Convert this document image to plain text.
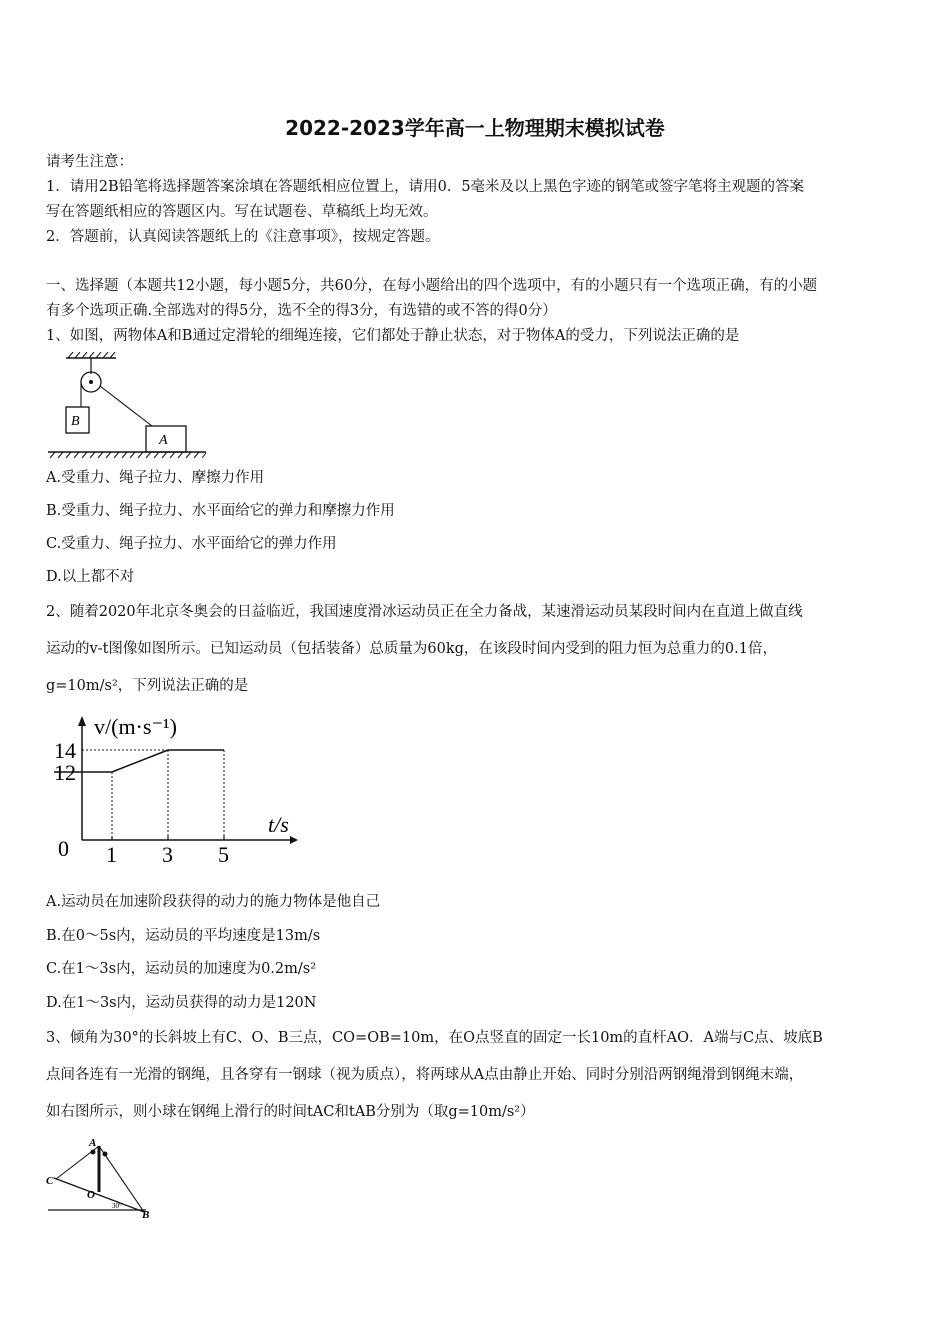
2022-2023学年高一上物理期末模拟试卷
请考生注意：
1．请用2B铅笔将选择题答案涂填在答题纸相应位置上，请用0．5毫米及以上黑色字迹的钢笔或签字笔将主观题的答案
写在答题纸相应的答题区内。写在试题卷、草稿纸上均无效。
2．答题前，认真阅读答题纸上的《注意事项》，按规定答题。
一、选择题（本题共12小题，每小题5分，共60分，在每小题给出的四个选项中，有的小题只有一个选项正确，有的小题
有多个选项正确.全部选对的得5分，选不全的得3分，有选错的或不答的得0分）
1、如图，两物体A和B通过定滑轮的细绳连接，它们都处于静止状态，对于物体A的受力，下列说法正确的是
B
A
A.受重力、绳子拉力、摩擦力作用
B.受重力、绳子拉力、水平面给它的弹力和摩擦力作用
C.受重力、绳子拉力、水平面给它的弹力作用
D.以上都不对
2、随着2020年北京冬奥会的日益临近，我国速度滑冰运动员正在全力备战，某速滑运动员某段时间内在直道上做直线
运动的v-t图像如图所示。已知运动员（包括装备）总质量为60kg，在该段时间内受到的阻力恒为总重力的0.1倍，
g=10m/s²，下列说法正确的是
v/(m·s⁻¹)
t/s
0 1 3 5
12
14
A.运动员在加速阶段获得的动力的施力物体是他自己
B.在0～5s内，运动员的平均速度是13m/s
C.在1～3s内，运动员的加速度为0.2m/s²
D.在1～3s内，运动员获得的动力是120N
3、倾角为30°的长斜坡上有C、O、B三点，CO=OB=10m，在O点竖直的固定一长10m的直杆AO．A端与C点、坡底B
点间各连有一光滑的钢绳，且各穿有一钢球（视为质点），将两球从A点由静止开始、同时分别沿两钢绳滑到钢绳末端，
如右图所示，则小球在钢绳上滑行的时间tAC和tAB分别为（取g=10m/s²）
A
C
O
B
30°
